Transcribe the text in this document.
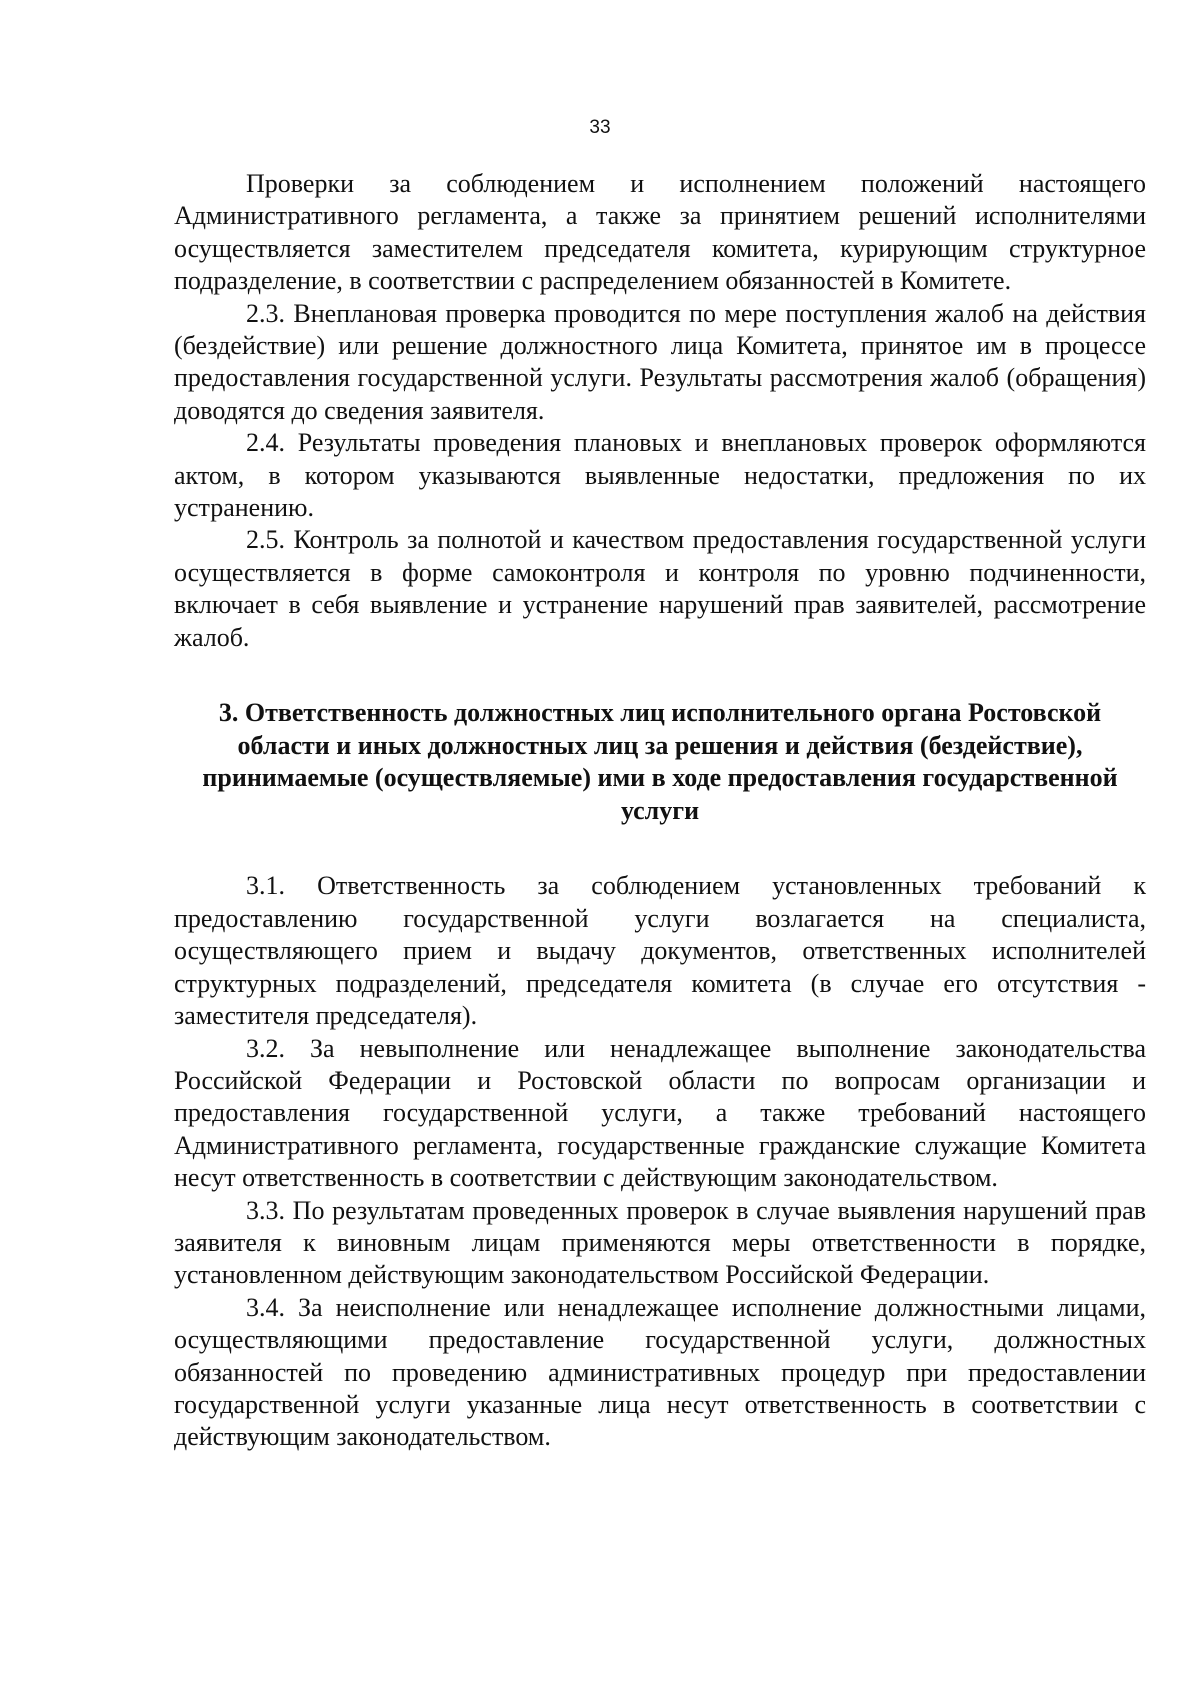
33

Проверки за соблюдением и исполнением положений настоящего Административного регламента, а также за принятием решений исполнителями осуществляется заместителем председателя комитета, курирующим структурное подразделение, в соответствии с распределением обязанностей в Комитете.

2.3. Внеплановая проверка проводится по мере поступления жалоб на действия (бездействие) или решение должностного лица Комитета, принятое им в процессе предоставления государственной услуги. Результаты рассмотрения жалоб (обращения) доводятся до сведения заявителя.

2.4. Результаты проведения плановых и внеплановых проверок оформляются актом, в котором указываются выявленные недостатки, предложения по их устранению.

2.5. Контроль за полнотой и качеством предоставления государственной услуги осуществляется в форме самоконтроля и контроля по уровню подчиненности, включает в себя выявление и устранение нарушений прав заявителей, рассмотрение жалоб.

3. Ответственность должностных лиц исполнительного органа Ростовской области и иных должностных лиц за решения и действия (бездействие), принимаемые (осуществляемые) ими в ходе предоставления государственной услуги

3.1. Ответственность за соблюдением установленных требований к предоставлению государственной услуги возлагается на специалиста, осуществляющего прием и выдачу документов, ответственных исполнителей структурных подразделений, председателя комитета (в случае его отсутствия - заместителя председателя).

3.2. За невыполнение или ненадлежащее выполнение законодательства Российской Федерации и Ростовской области по вопросам организации и предоставления государственной услуги, а также требований настоящего Административного регламента, государственные гражданские служащие Комитета несут ответственность в соответствии с действующим законодательством.

3.3. По результатам проведенных проверок в случае выявления нарушений прав заявителя к виновным лицам применяются меры ответственности в порядке, установленном действующим законодательством Российской Федерации.

3.4. За неисполнение или ненадлежащее исполнение должностными лицами, осуществляющими предоставление государственной услуги, должностных обязанностей по проведению административных процедур при предоставлении государственной услуги указанные лица несут ответственность в соответствии с действующим законодательством.
